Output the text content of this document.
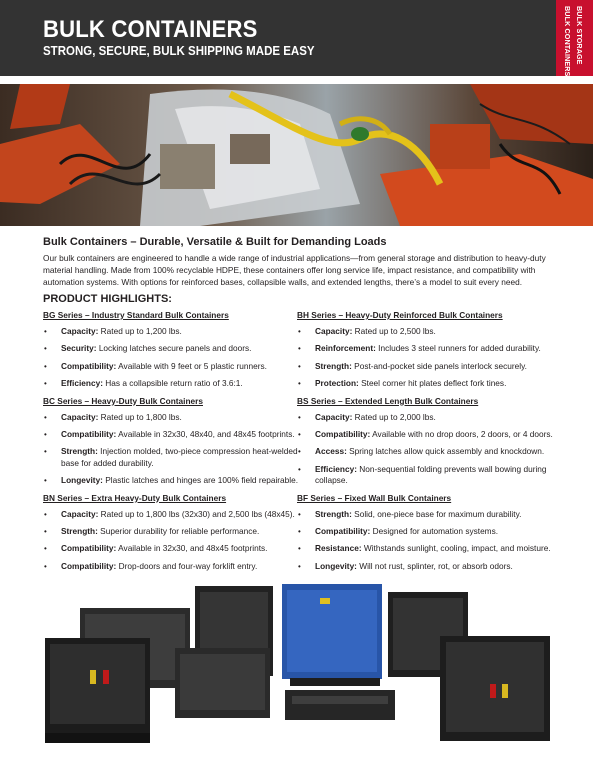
BULK CONTAINERS
STRONG, SECURE, BULK SHIPPING MADE EASY	BULK STORAGE
BULK CONTAINERS
Bulk Containers – Durable, Versatile & Built for Demanding Loads
Our bulk containers are engineered to handle a wide range of industrial applications—from general storage and distribution to heavy-duty material handling. Made from 100% recyclable HDPE, these containers offer long service life, impact resistance, and compatibility with automation systems. With options for reinforced bases, collapsible walls, and extended lengths, there’s a model to suit every need.
PRODUCT HIGHLIGHTS:
BG Series – Industry Standard Bulk Containers
• Capacity: Rated up to 1,200 lbs.
• Security: Locking latches secure panels and doors.
• Compatibility: Available with 9 feet or 5 plastic runners.
• Efficiency: Has a collapsible return ratio of 3.6:1.
BC Series – Heavy-Duty Bulk Containers
• Capacity: Rated up to 1,800 lbs.
• Compatibility: Available in 32x30, 48x40, and 48x45 footprints.
• Strength: Injection molded, two-piece compression heat-welded base for added durability.
• Longevity: Plastic latches and hinges are 100% field repairable.
BN Series – Extra Heavy-Duty Bulk Containers
• Capacity: Rated up to 1,800 lbs (32x30) and 2,500 lbs (48x45).
• Strength: Superior durability for reliable performance.
• Compatibility: Available in 32x30, and 48x45 footprints.
• Compatibility: Drop-doors and four-way forklift entry.
BH Series – Heavy-Duty Reinforced Bulk Containers
• Capacity: Rated up to 2,500 lbs.
• Reinforcement: Includes 3 steel runners for added durability.
• Strength: Post-and-pocket side panels interlock securely.
• Protection: Steel corner hit plates deflect fork tines.
BS Series – Extended Length Bulk Containers
• Capacity: Rated up to 2,000 lbs.
• Compatibility: Available with no drop doors, 2 doors, or 4 doors.
• Access: Spring latches allow quick assembly and knockdown.
• Efficiency: Non-sequential folding prevents wall bowing during collapse.
BF Series – Fixed Wall Bulk Containers
• Strength: Solid, one-piece base for maximum durability.
• Compatibility: Designed for automation systems.
• Resistance: Withstands sunlight, cooling, impact, and moisture.
• Longevity: Will not rust, splinter, rot, or absorb odors.
